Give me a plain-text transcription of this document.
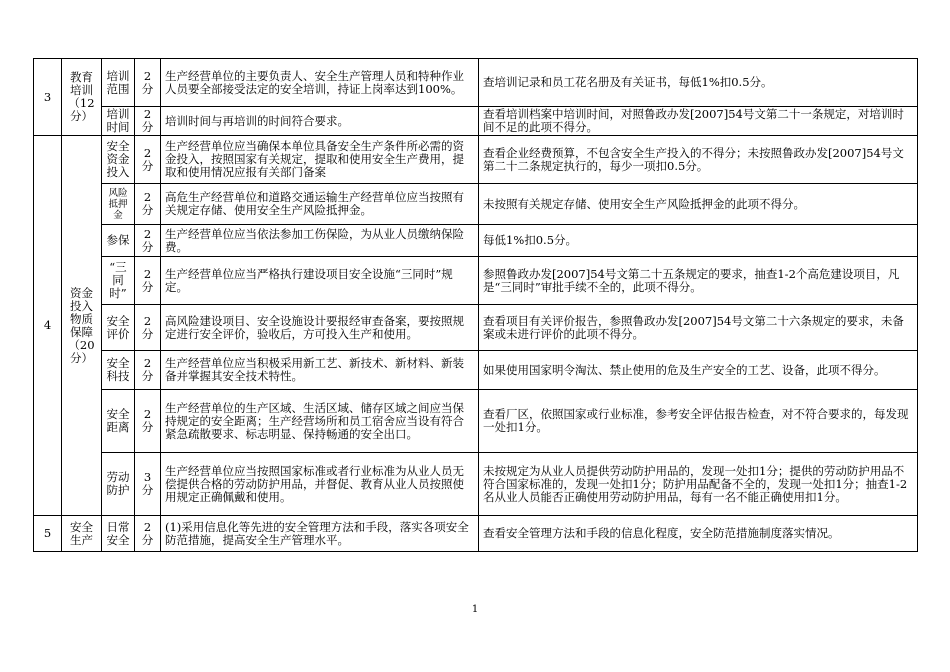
3	教育培训（12分）	培训范围	2分	生产经营单位的主要负责人、安全生产管理人员和特种作业人员要全部接受法定的安全培训，持证上岗率达到100%。	查培训记录和员工花名册及有关证书，每低1%扣0.5分。
		培训时间	2分	培训时间与再培训的时间符合要求。	查看培训档案中培训时间，对照鲁政办发[2007]54号文第二十一条规定，对培训时间不足的此项不得分。
4	资金投入物质保障（20分）	安全资金投入	2分	生产经营单位应当确保本单位具备安全生产条件所必需的资金投入，按照国家有关规定，提取和使用安全生产费用，提取和使用情况应报有关部门备案	查看企业经费预算，不包含安全生产投入的不得分；未按照鲁政办发[2007]54号文第二十二条规定执行的，每少一项扣0.5分。
		风险抵押金	2分	高危生产经营单位和道路交通运输生产经营单位应当按照有关规定存储、使用安全生产风险抵押金。	未按照有关规定存储、使用安全生产风险抵押金的此项不得分。
		参保	2分	生产经营单位应当依法参加工伤保险，为从业人员缴纳保险费。	每低1%扣0.5分。
		“三同时”	2分	生产经营单位应当严格执行建设项目安全设施“三同时”规定。	参照鲁政办发[2007]54号文第二十五条规定的要求，抽查1-2个高危建设项目，凡是“三同时”审批手续不全的，此项不得分。
		安全评价	2分	高风险建设项目、安全设施设计要报经审查备案，要按照规定进行安全评价，验收后，方可投入生产和使用。	查看项目有关评价报告，参照鲁政办发[2007]54号文第二十六条规定的要求，未备案或未进行评价的此项不得分。
		安全科技	2分	生产经营单位应当积极采用新工艺、新技术、新材料、新装备并掌握其安全技术特性。	如果使用国家明令淘汰、禁止使用的危及生产安全的工艺、设备，此项不得分。
		安全距离	2分	生产经营单位的生产区域、生活区域、储存区域之间应当保持规定的安全距离；生产经营场所和员工宿舍应当设有符合紧急疏散要求、标志明显、保持畅通的安全出口。	查看厂区，依照国家或行业标准，参考安全评估报告检查，对不符合要求的，每发现一处扣1分。
		劳动防护	3分	生产经营单位应当按照国家标准或者行业标准为从业人员无偿提供合格的劳动防护用品，并督促、教育从业人员按照使用规定正确佩戴和使用。	未按规定为从业人员提供劳动防护用品的，发现一处扣1分；提供的劳动防护用品不符合国家标准的，发现一处扣1分；防护用品配备不全的，发现一处扣1分；抽查1-2名从业人员能否正确使用劳动防护用品，每有一名不能正确使用扣1分。
5	安全生产	日常安全	2分	(1)采用信息化等先进的安全管理方法和手段，落实各项安全防范措施，提高安全生产管理水平。	查看安全管理方法和手段的信息化程度，安全防范措施制度落实情况。
1
